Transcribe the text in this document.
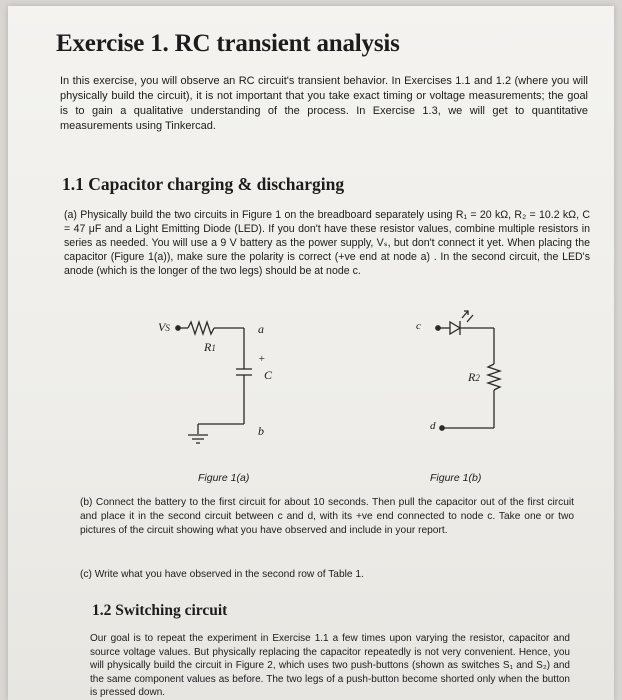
Exercise 1. RC transient analysis

In this exercise, you will observe an RC circuit's transient behavior. In Exercises 1.1 and 1.2 (where you will physically build the circuit), it is not important that you take exact timing or voltage measurements; the goal is to gain a qualitative understanding of the process. In Exercise 1.3, we will get to quantitative measurements using Tinkercad.

1.1 Capacitor charging & discharging

(a) Physically build the two circuits in Figure 1 on the breadboard separately using R₁ = 20 kΩ, R₂ = 10.2 kΩ, C = 47 μF and a Light Emitting Diode (LED). If you don't have these resistor values, combine multiple resistors in series as needed. You will use a 9 V battery as the power supply, Vₛ, but don't connect it yet. When placing the capacitor (Figure 1(a)), make sure the polarity is correct (+ve end at node a) . In the second circuit, the LED's anode (which is the longer of the two legs) should be at node c.

VS
R1
a
+
C
b
c
R2
d
Figure 1(a)	Figure 1(b)

(b) Connect the battery to the first circuit for about 10 seconds. Then pull the capacitor out of the first circuit and place it in the second circuit between c and d, with its +ve end connected to node c. Take one or two pictures of the circuit showing what you have observed and include in your report.

(c) Write what you have observed in the second row of Table 1.

1.2 Switching circuit

Our goal is to repeat the experiment in Exercise 1.1 a few times upon varying the resistor, capacitor and source voltage values. But physically replacing the capacitor repeatedly is not very convenient. Hence, you will physically build the circuit in Figure 2, which uses two push-buttons (shown as switches S₁ and S₂) and the same component values as before. The two legs of a push-button become shorted only when the button is pressed down.
